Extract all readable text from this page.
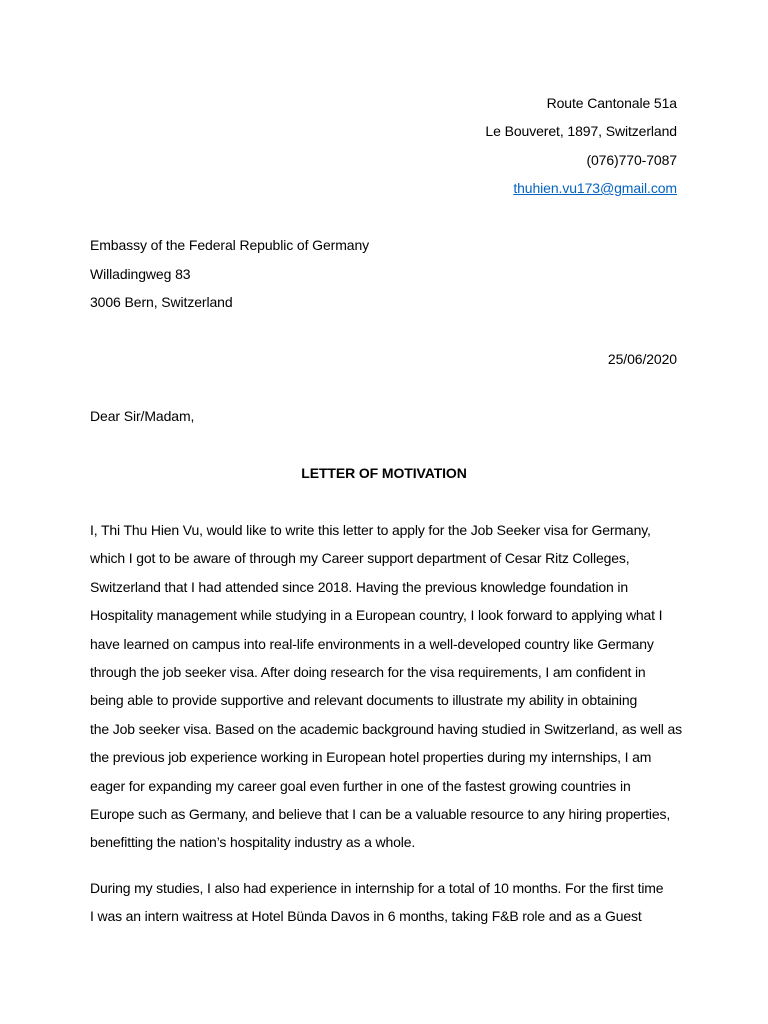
Route Cantonale 51a
Le Bouveret, 1897, Switzerland
(076)770-7087
thuhien.vu173@gmail.com
Embassy of the Federal Republic of Germany
Willadingweg 83
3006 Bern, Switzerland
25/06/2020
Dear Sir/Madam,
LETTER OF MOTIVATION
I, Thi Thu Hien Vu, would like to write this letter to apply for the Job Seeker visa for Germany,
which I got to be aware of through my Career support department of Cesar Ritz Colleges,
Switzerland that I had attended since 2018. Having the previous knowledge foundation in
Hospitality management while studying in a European country, I look forward to applying what I
have learned on campus into real-life environments in a well-developed country like Germany
through the job seeker visa. After doing research for the visa requirements, I am confident in
being able to provide supportive and relevant documents to illustrate my ability in obtaining
the Job seeker visa. Based on the academic background having studied in Switzerland, as well as
the previous job experience working in European hotel properties during my internships, I am
eager for expanding my career goal even further in one of the fastest growing countries in
Europe such as Germany, and believe that I can be a valuable resource to any hiring properties,
benefitting the nation’s hospitality industry as a whole.
During my studies, I also had experience in internship for a total of 10 months. For the first time
I was an intern waitress at Hotel Bünda Davos in 6 months, taking F&B role and as a Guest
